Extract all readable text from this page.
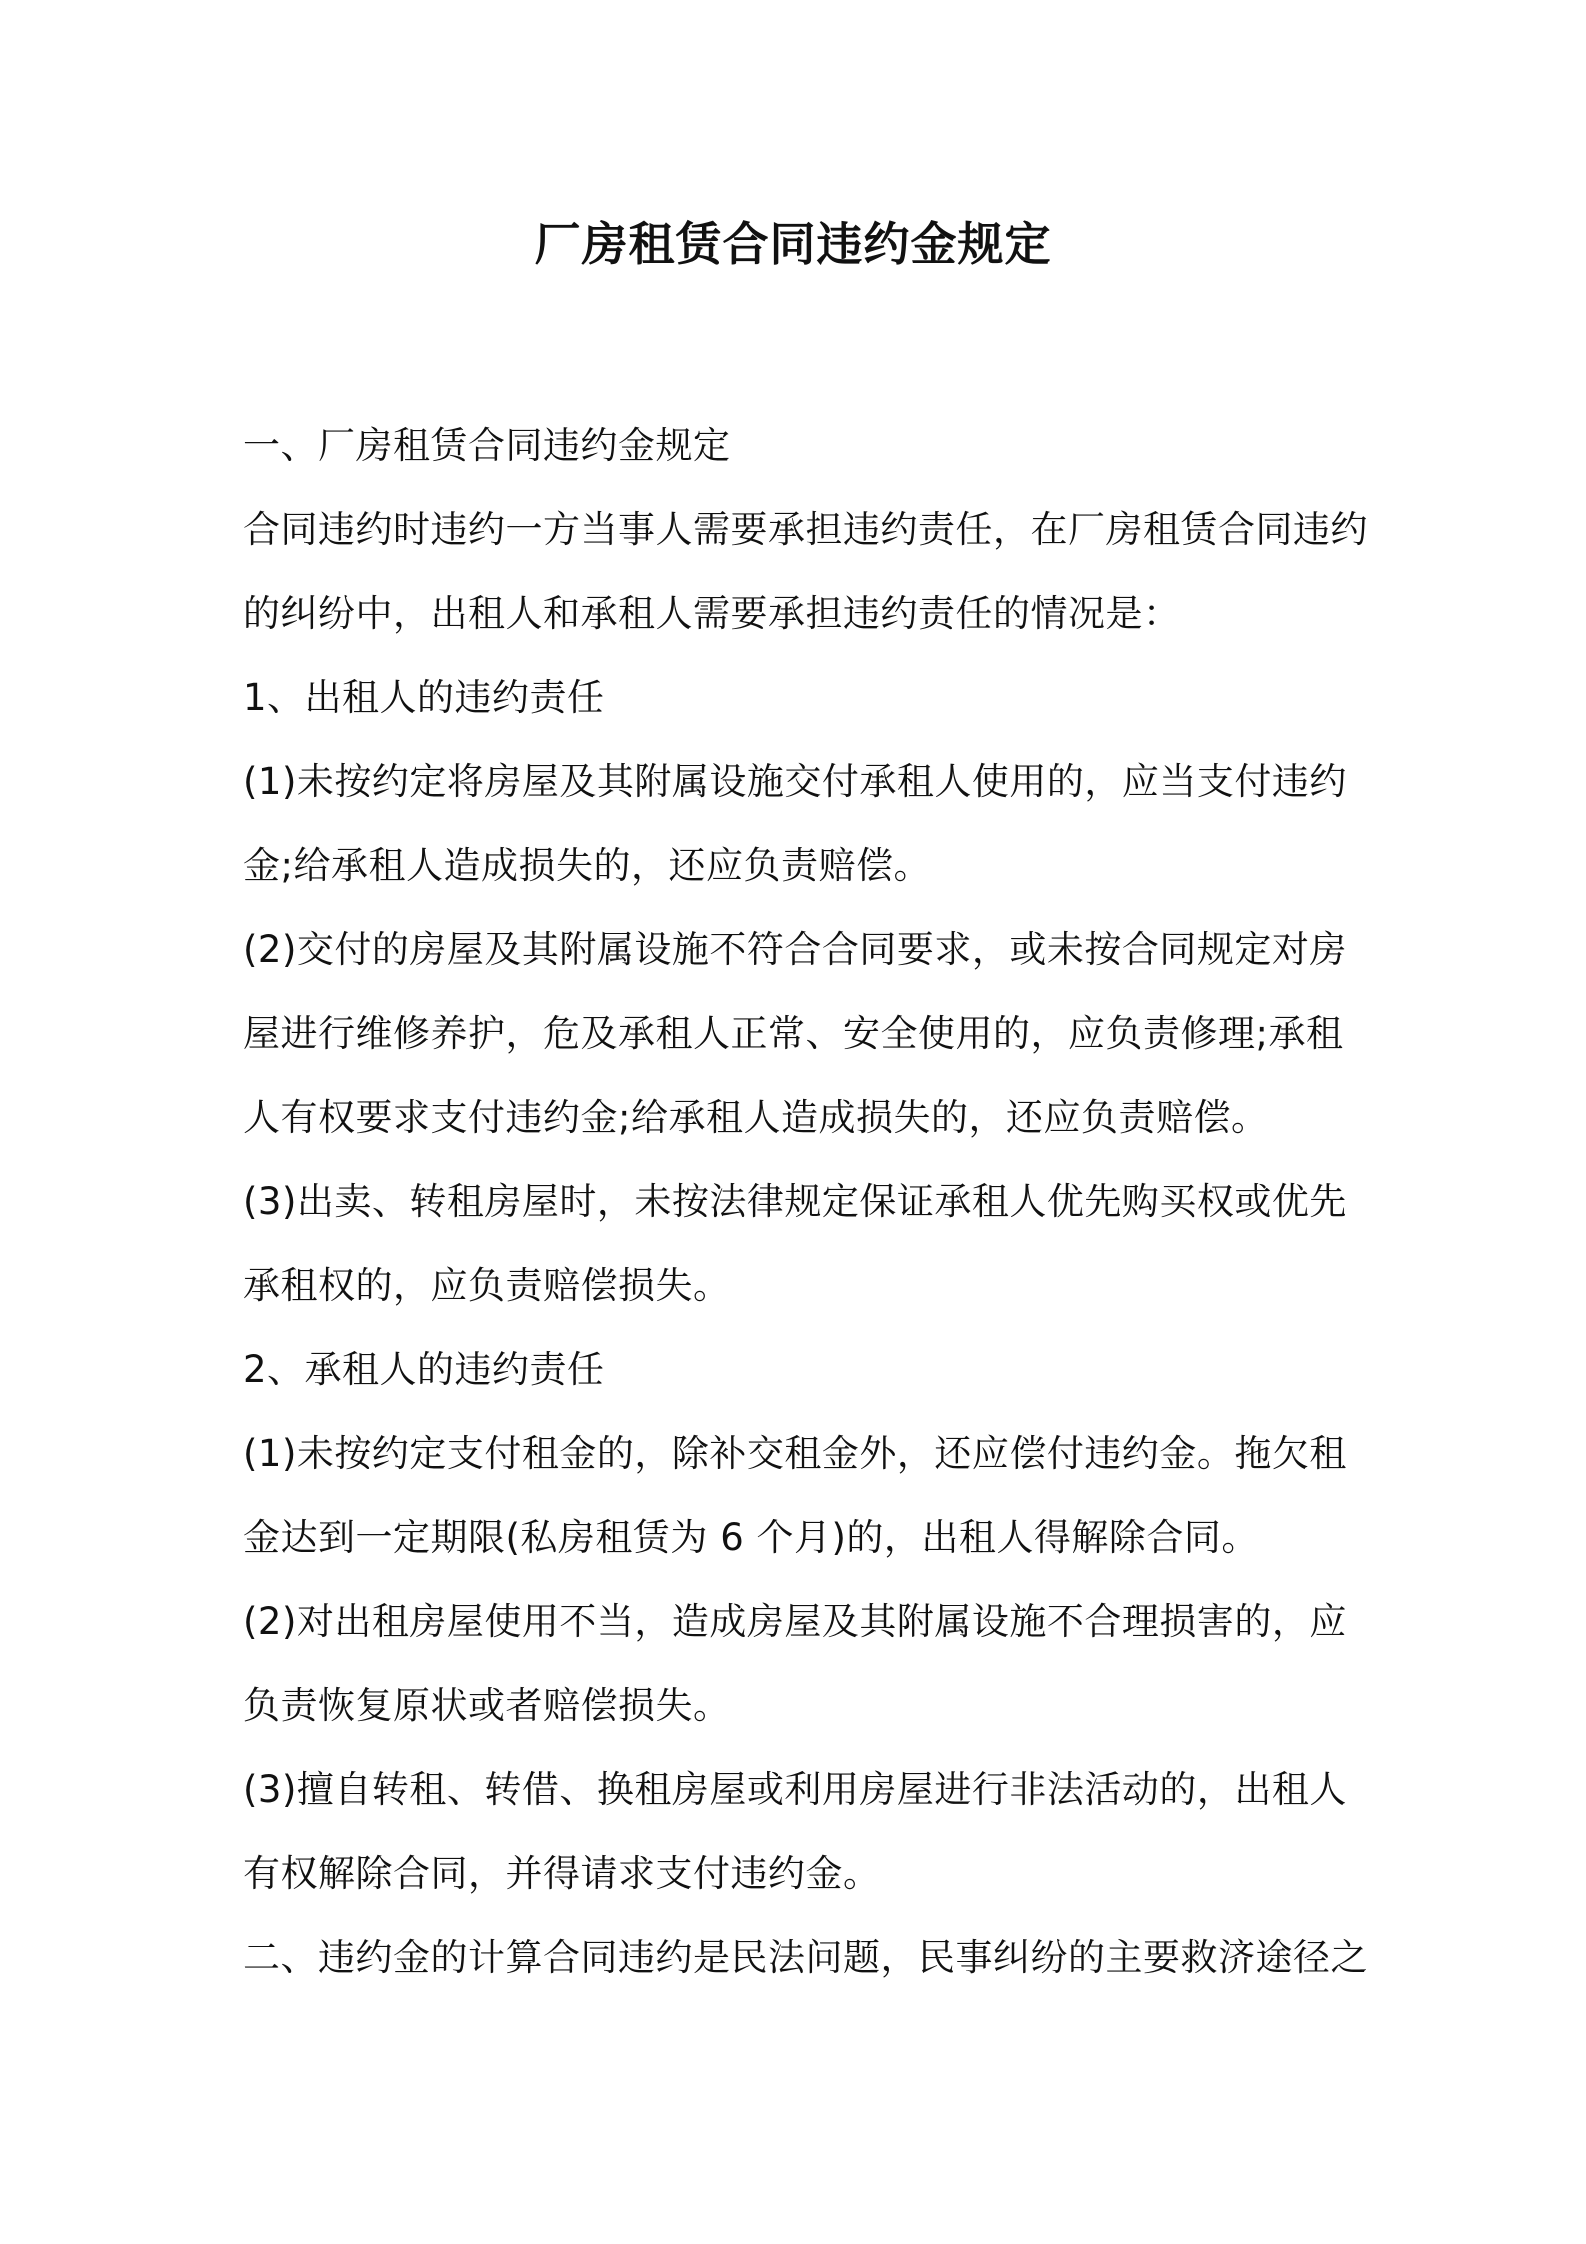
厂房租赁合同违约金规定
一、厂房租赁合同违约金规定
合同违约时违约一方当事人需要承担违约责任，在厂房租赁合同违约
的纠纷中，出租人和承租人需要承担违约责任的情况是：
1、出租人的违约责任
(1)未按约定将房屋及其附属设施交付承租人使用的，应当支付违约
金;给承租人造成损失的，还应负责赔偿。
(2)交付的房屋及其附属设施不符合合同要求，或未按合同规定对房
屋进行维修养护，危及承租人正常、安全使用的，应负责修理;承租
人有权要求支付违约金;给承租人造成损失的，还应负责赔偿。
(3)出卖、转租房屋时，未按法律规定保证承租人优先购买权或优先
承租权的，应负责赔偿损失。
2、承租人的违约责任
(1)未按约定支付租金的，除补交租金外，还应偿付违约金。拖欠租
金达到一定期限(私房租赁为 6 个月)的，出租人得解除合同。
(2)对出租房屋使用不当，造成房屋及其附属设施不合理损害的，应
负责恢复原状或者赔偿损失。
(3)擅自转租、转借、换租房屋或利用房屋进行非法活动的，出租人
有权解除合同，并得请求支付违约金。
二、违约金的计算合同违约是民法问题，民事纠纷的主要救济途径之
